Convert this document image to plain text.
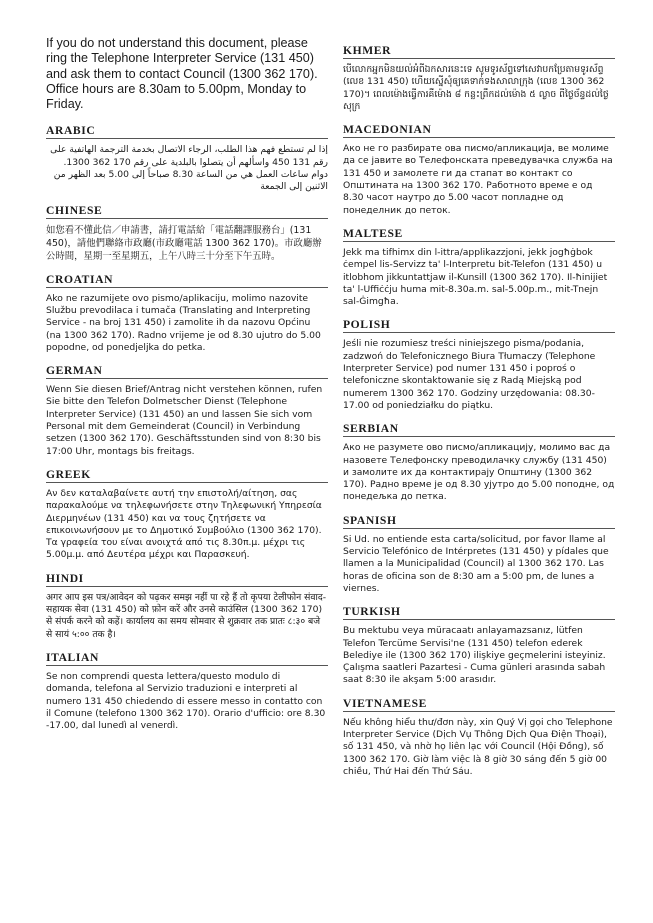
If you do not understand this document, please ring the Telephone Interpreter Service (131 450) and ask them to contact Council (1300 362 170). Office hours are 8.30am to 5.00pm, Monday to Friday.

ARABIC

إذا لم تستطع فهم هذا الطلب، الرجاء الاتصال بخدمة الترجمة الهاتفية على رقم 131 450 واسألهم أن يتصلوا بالبلدية على رقم 170 362 1300. دوام ساعات العمل هي من الساعة 8.30 صباحاً إلى 5.00 بعد الظهر من الاثنين إلى الجمعة

CHINESE

如您看不懂此信／申請書，請打電話給「電話翻譯服務台」(131 450)，請他們聯絡市政廳(市政廳電話 1300 362 170)。市政廳辦公時間，星期一至星期五，上午八時三十分至下午五時。

CROATIAN

Ako ne razumijete ovo pismo/aplikaciju, molimo nazovite Službu prevodilaca i tumača (Translating and Interpreting Service - na broj 131 450) i zamolite ih da nazovu Općinu (na 1300 362 170). Radno vrijeme je od 8.30 ujutro do 5.00 popodne, od ponedjeljka do petka.

GERMAN

Wenn Sie diesen Brief/Antrag nicht verstehen können, rufen Sie bitte den Telefon Dolmetscher Dienst (Telephone Interpreter Service) (131 450) an und lassen Sie sich vom Personal mit dem Gemeinderat (Council) in Verbindung setzen (1300 362 170). Geschäftsstunden sind von 8:30 bis 17:00 Uhr, montags bis freitags.

GREEK

Αν δεν καταλαβαίνετε αυτή την επιστολή/αίτηση, σας παρακαλούμε να τηλεφωνήσετε στην Τηλεφωνική Υπηρεσία Διερμηνέων (131 450) και να τους ζητήσετε να επικοινωνήσουν με το Δημοτικό Συμβούλιο (1300 362 170). Τα γραφεία του είναι ανοιχτά από τις 8.30π.μ. μέχρι τις 5.00μ.μ. από Δευτέρα μέχρι και Παρασκευή.

HINDI

अगर आप इस पत्र/आवेदन को पढ़कर समझ नहीं पा रहे हैं तो कृपया टेलीफोन संवाद-सहायक सेवा (131 450) को फ़ोन करें और उनसे काउंसिल (1300 362 170) से संपर्क करने को कहें। कार्यालय का समय सोमवार से शुक्रवार तक प्रातः ८:३० बजे से सायं ५:०० तक है।

ITALIAN

Se non comprendi questa lettera/questo modulo di domanda, telefona al Servizio traduzioni e interpreti al numero 131 450 chiedendo di essere messo in contatto con il Comune (telefono 1300 362 170). Orario d'ufficio: ore 8.30 -17.00, dal lunedì al venerdì.

KHMER

បើលោកអ្នកមិនយល់អំពីឯកសារនេះទេ សូមទូរស័ព្ទទៅសេវាបកប្រែតាមទូរស័ព្ទ (លេខ 131 450) ហើយស្នើសុំឲ្យគេទាក់ទងសាលាក្រុង (លេខ 1300 362 170)។ ពេលម៉ោងធ្វើការគឺម៉ោង ៨ កន្លះព្រឹកដល់ម៉ោង ៥ ល្ងាច ពីថ្ងៃច័ន្ទដល់ថ្ងៃសុក្រ

MACEDONIAN

Ако не го разбирате ова писмо/апликација, ве молиме да се јавите во Телефонската преведувачка служба на 131 450 и замолете ги да стапат во контакт со Општината на 1300 362 170. Работното време е од 8.30 часот наутро до 5.00 часот попладне од понеделник до петок.

MALTESE

Jekk ma tifhimx din l-ittra/applikazzjoni, jekk jogħġbok ċempel lis-Servizz ta' l-Interpretu bit-Telefon (131 450) u itlobhom jikkuntattjaw il-Kunsill (1300 362 170). Il-ħinijiet ta' l-Uffiċċju huma mit-8.30a.m. sal-5.00p.m., mit-Tnejn sal-Ġimgħa.

POLISH

Jeśli nie rozumiesz treści niniejszego pisma/podania, zadzwoń do Telefonicznego Biura Tłumaczy (Telephone Interpreter Service) pod numer 131 450 i poproś o telefoniczne skontaktowanie się z Radą Miejską pod numerem 1300 362 170. Godziny urzędowania: 08.30-17.00 od poniedziałku do piątku.

SERBIAN

Ако не разумете ово писмо/апликацију, молимо вас да назовете Телефонску преводилачку службу (131 450) и замолите их да контактирају Општину (1300 362 170). Радно време је од 8.30 ујутро до 5.00 поподне, од понедељка до петка.

SPANISH

Si Ud. no entiende esta carta/solicitud, por favor llame al Servicio Telefónico de Intérpretes (131 450) y pídales que llamen a la Municipalidad (Council) al 1300 362 170. Las horas de oficina son de 8:30 am a 5:00 pm, de lunes a viernes.

TURKISH

Bu mektubu veya müracaatı anlayamazsanız, lütfen Telefon Tercüme Servisi'ne (131 450) telefon ederek Belediye ile (1300 362 170) ilişkiye geçmelerini isteyiniz. Çalışma saatleri Pazartesi - Cuma günleri arasında sabah saat 8:30 ile akşam 5:00 arasıdır.

VIETNAMESE

Nếu không hiểu thư/đơn này, xin Quý Vị gọi cho Telephone Interpreter Service (Dịch Vụ Thông Dịch Qua Điện Thoại), số 131 450, và nhờ họ liên lạc với Council (Hội Đồng), số 1300 362 170. Giờ làm việc là 8 giờ 30 sáng đến 5 giờ 00 chiều, Thứ Hai đến Thứ Sáu.
